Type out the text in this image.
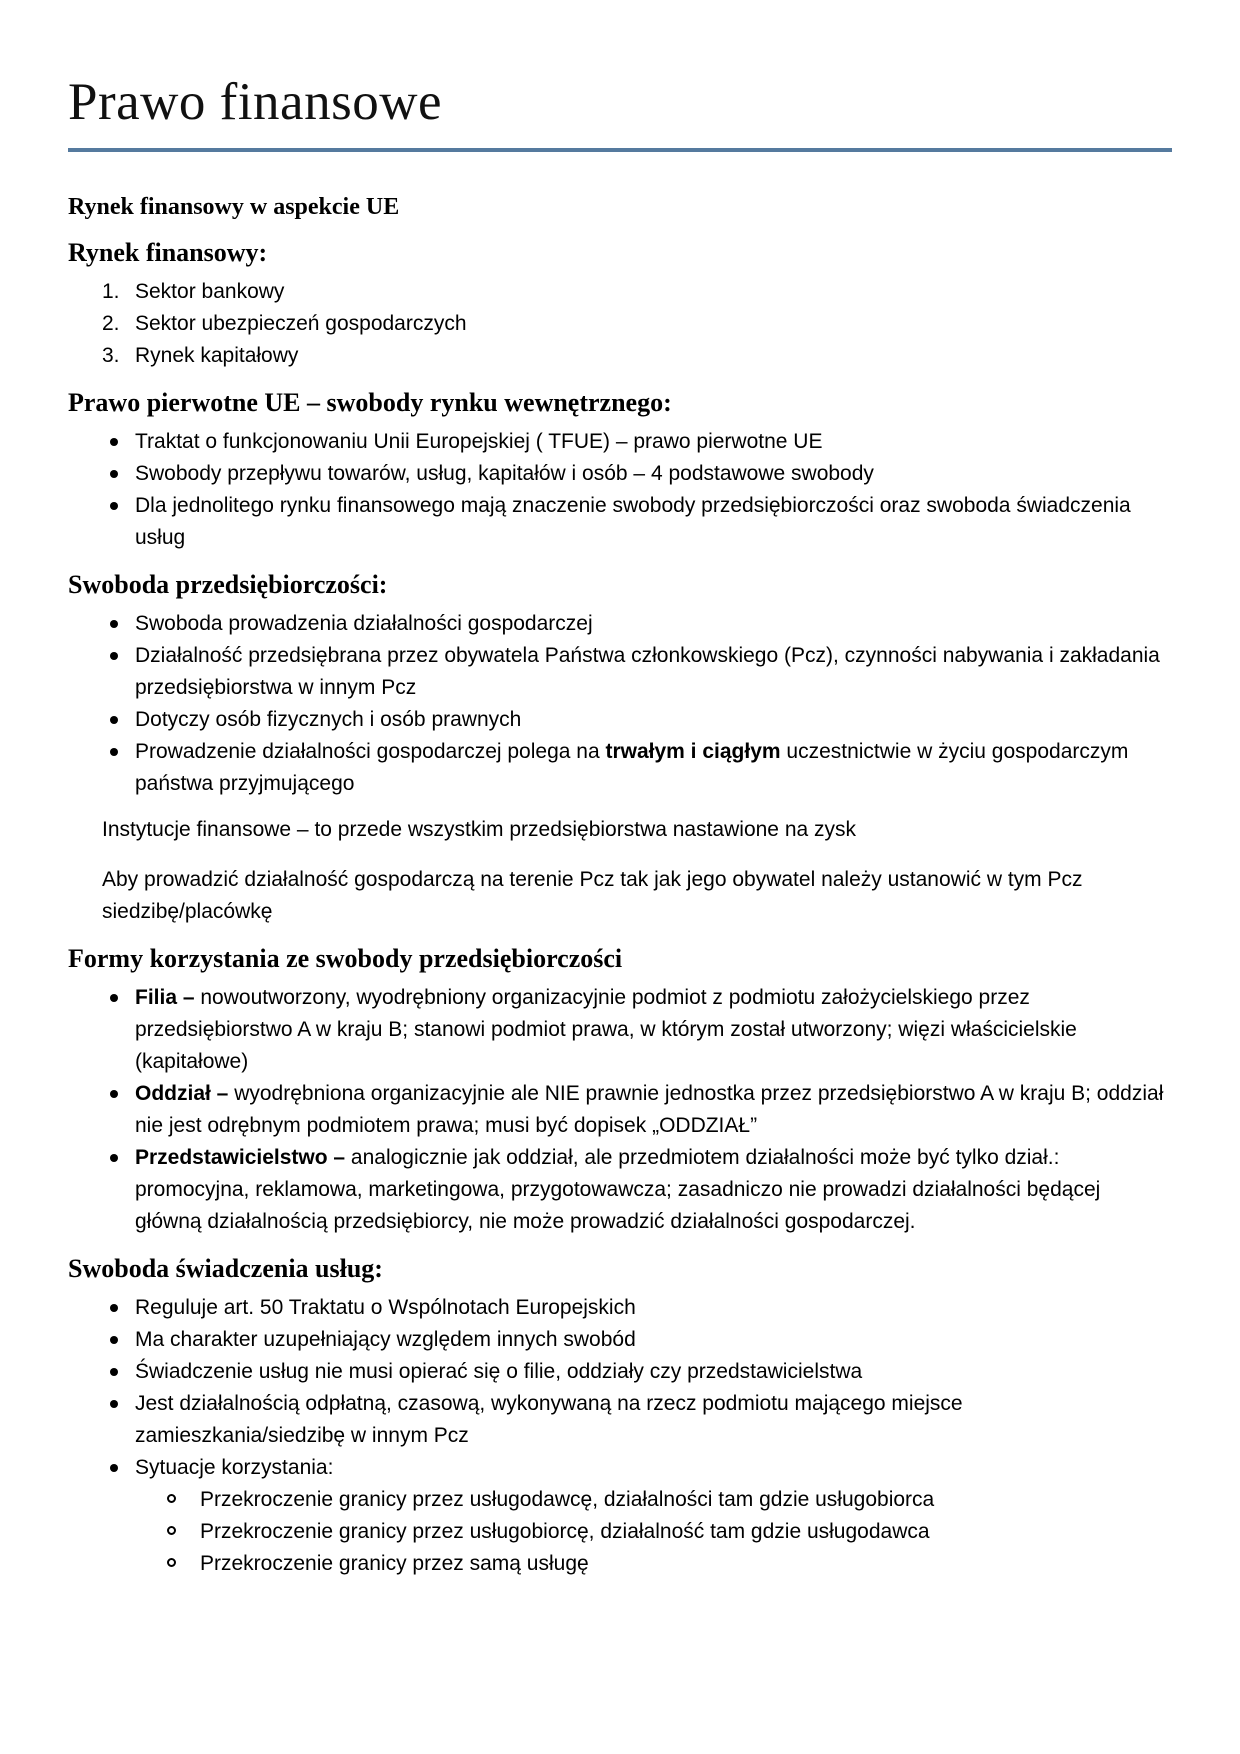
Prawo finansowe
Rynek finansowy w aspekcie UE
Rynek finansowy:
1. Sektor bankowy
2. Sektor ubezpieczeń gospodarczych
3. Rynek kapitałowy
Prawo pierwotne UE – swobody rynku wewnętrznego:
Traktat o funkcjonowaniu Unii Europejskiej ( TFUE) – prawo pierwotne UE
Swobody przepływu towarów, usług, kapitałów i osób – 4 podstawowe swobody
Dla jednolitego rynku finansowego mają znaczenie swobody przedsiębiorczości oraz swoboda świadczenia usług
Swoboda przedsiębiorczości:
Swoboda prowadzenia działalności gospodarczej
Działalność przedsiębrana przez obywatela Państwa członkowskiego (Pcz), czynności nabywania i zakładania przedsiębiorstwa w innym Pcz
Dotyczy osób fizycznych i osób prawnych
Prowadzenie działalności gospodarczej polega na trwałym i ciągłym uczestnictwie w życiu gospodarczym państwa przyjmującego

Instytucje finansowe – to przede wszystkim przedsiębiorstwa nastawione na zysk

Aby prowadzić działalność gospodarczą na terenie Pcz tak jak jego obywatel należy ustanowić w tym Pcz siedzibę/placówkę

Formy korzystania ze swobody przedsiębiorczości
Filia – nowoutworzony, wyodrębniony organizacyjnie podmiot z podmiotu założycielskiego przez przedsiębiorstwo A w kraju B; stanowi podmiot prawa, w którym został utworzony; więzi właścicielskie (kapitałowe)
Oddział – wyodrębniona organizacyjnie ale NIE prawnie jednostka przez przedsiębiorstwo A w kraju B; oddział nie jest odrębnym podmiotem prawa; musi być dopisek „ODDZIAŁ”
Przedstawicielstwo – analogicznie jak oddział, ale przedmiotem działalności może być tylko dział.: promocyjna, reklamowa, marketingowa, przygotowawcza; zasadniczo nie prowadzi działalności będącej główną działalnością przedsiębiorcy, nie może prowadzić działalności gospodarczej.
Swoboda świadczenia usług:
Reguluje art. 50 Traktatu o Wspólnotach Europejskich
Ma charakter uzupełniający względem innych swobód
Świadczenie usług nie musi opierać się o filie, oddziały czy przedstawicielstwa
Jest działalnością odpłatną, czasową, wykonywaną na rzecz podmiotu mającego miejsce zamieszkania/siedzibę w innym Pcz
Sytuacje korzystania:
Przekroczenie granicy przez usługodawcę, działalności tam gdzie usługobiorca
Przekroczenie granicy przez usługobiorcę, działalność tam gdzie usługodawca
Przekroczenie granicy przez samą usługę
